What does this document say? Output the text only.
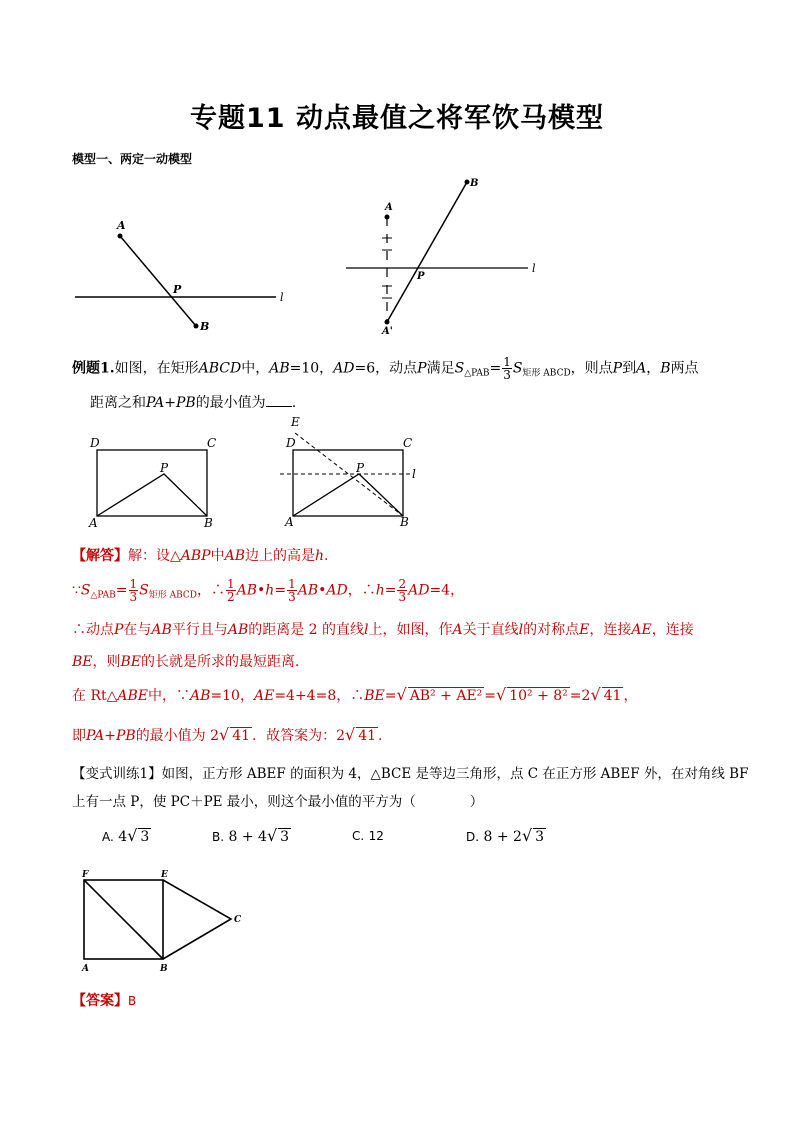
专题11 动点最值之将军饮马模型
模型一、两定一动模型
A
P
B
l
A
P
B
A'
l
例题1.如图，在矩形ABCD中，AB=10，AD=6，动点P满足$S_{\triangle PAB}= \frac{1}{3} S_{矩形 ABCD}$，则点P到A，B两点
距离之和PA+PB的最小值为 .
D	C
P
A	B
E
D	C
P	l
A	B
【解答】解：设△ABP中AB边上的高是h.
$\because S_{\triangle PAB}= \frac{1}{3} S_{矩形 ABCD}$，∴ $\frac{1}{2}$ AB•h= $\frac{1}{3}$ AB•AD，∴h= $\frac{2}{3} AD=4$，
∴动点P在与AB平行且与AB的距离是 2 的直线l上，如图，作A关于直线l的对称点E，连接AE，连接
BE，则BE的长就是所求的最短距离．
在 Rt△ABE中，∵AB=10，AE=4+4=8，∴BE=√ AB² + AE² =√ 10² + 8² =2√ 41 ，
即PA+PB的最小值为 2√ 41 ．故答案为：2√ 41 .
【变式训练1】如图，正方形 ABEF 的面积为 4，△BCE 是等边三角形，点 C 在正方形 ABEF 外，在对角线 BF
上有一点 P，使 PC＋PE 最小，则这个最小值的平方为（　　　　）
A. 4√ 3	B. 8 + 4√ 3	C. 12	D. 8 + 2√ 3
F	E
C
A	B
【答案】B
